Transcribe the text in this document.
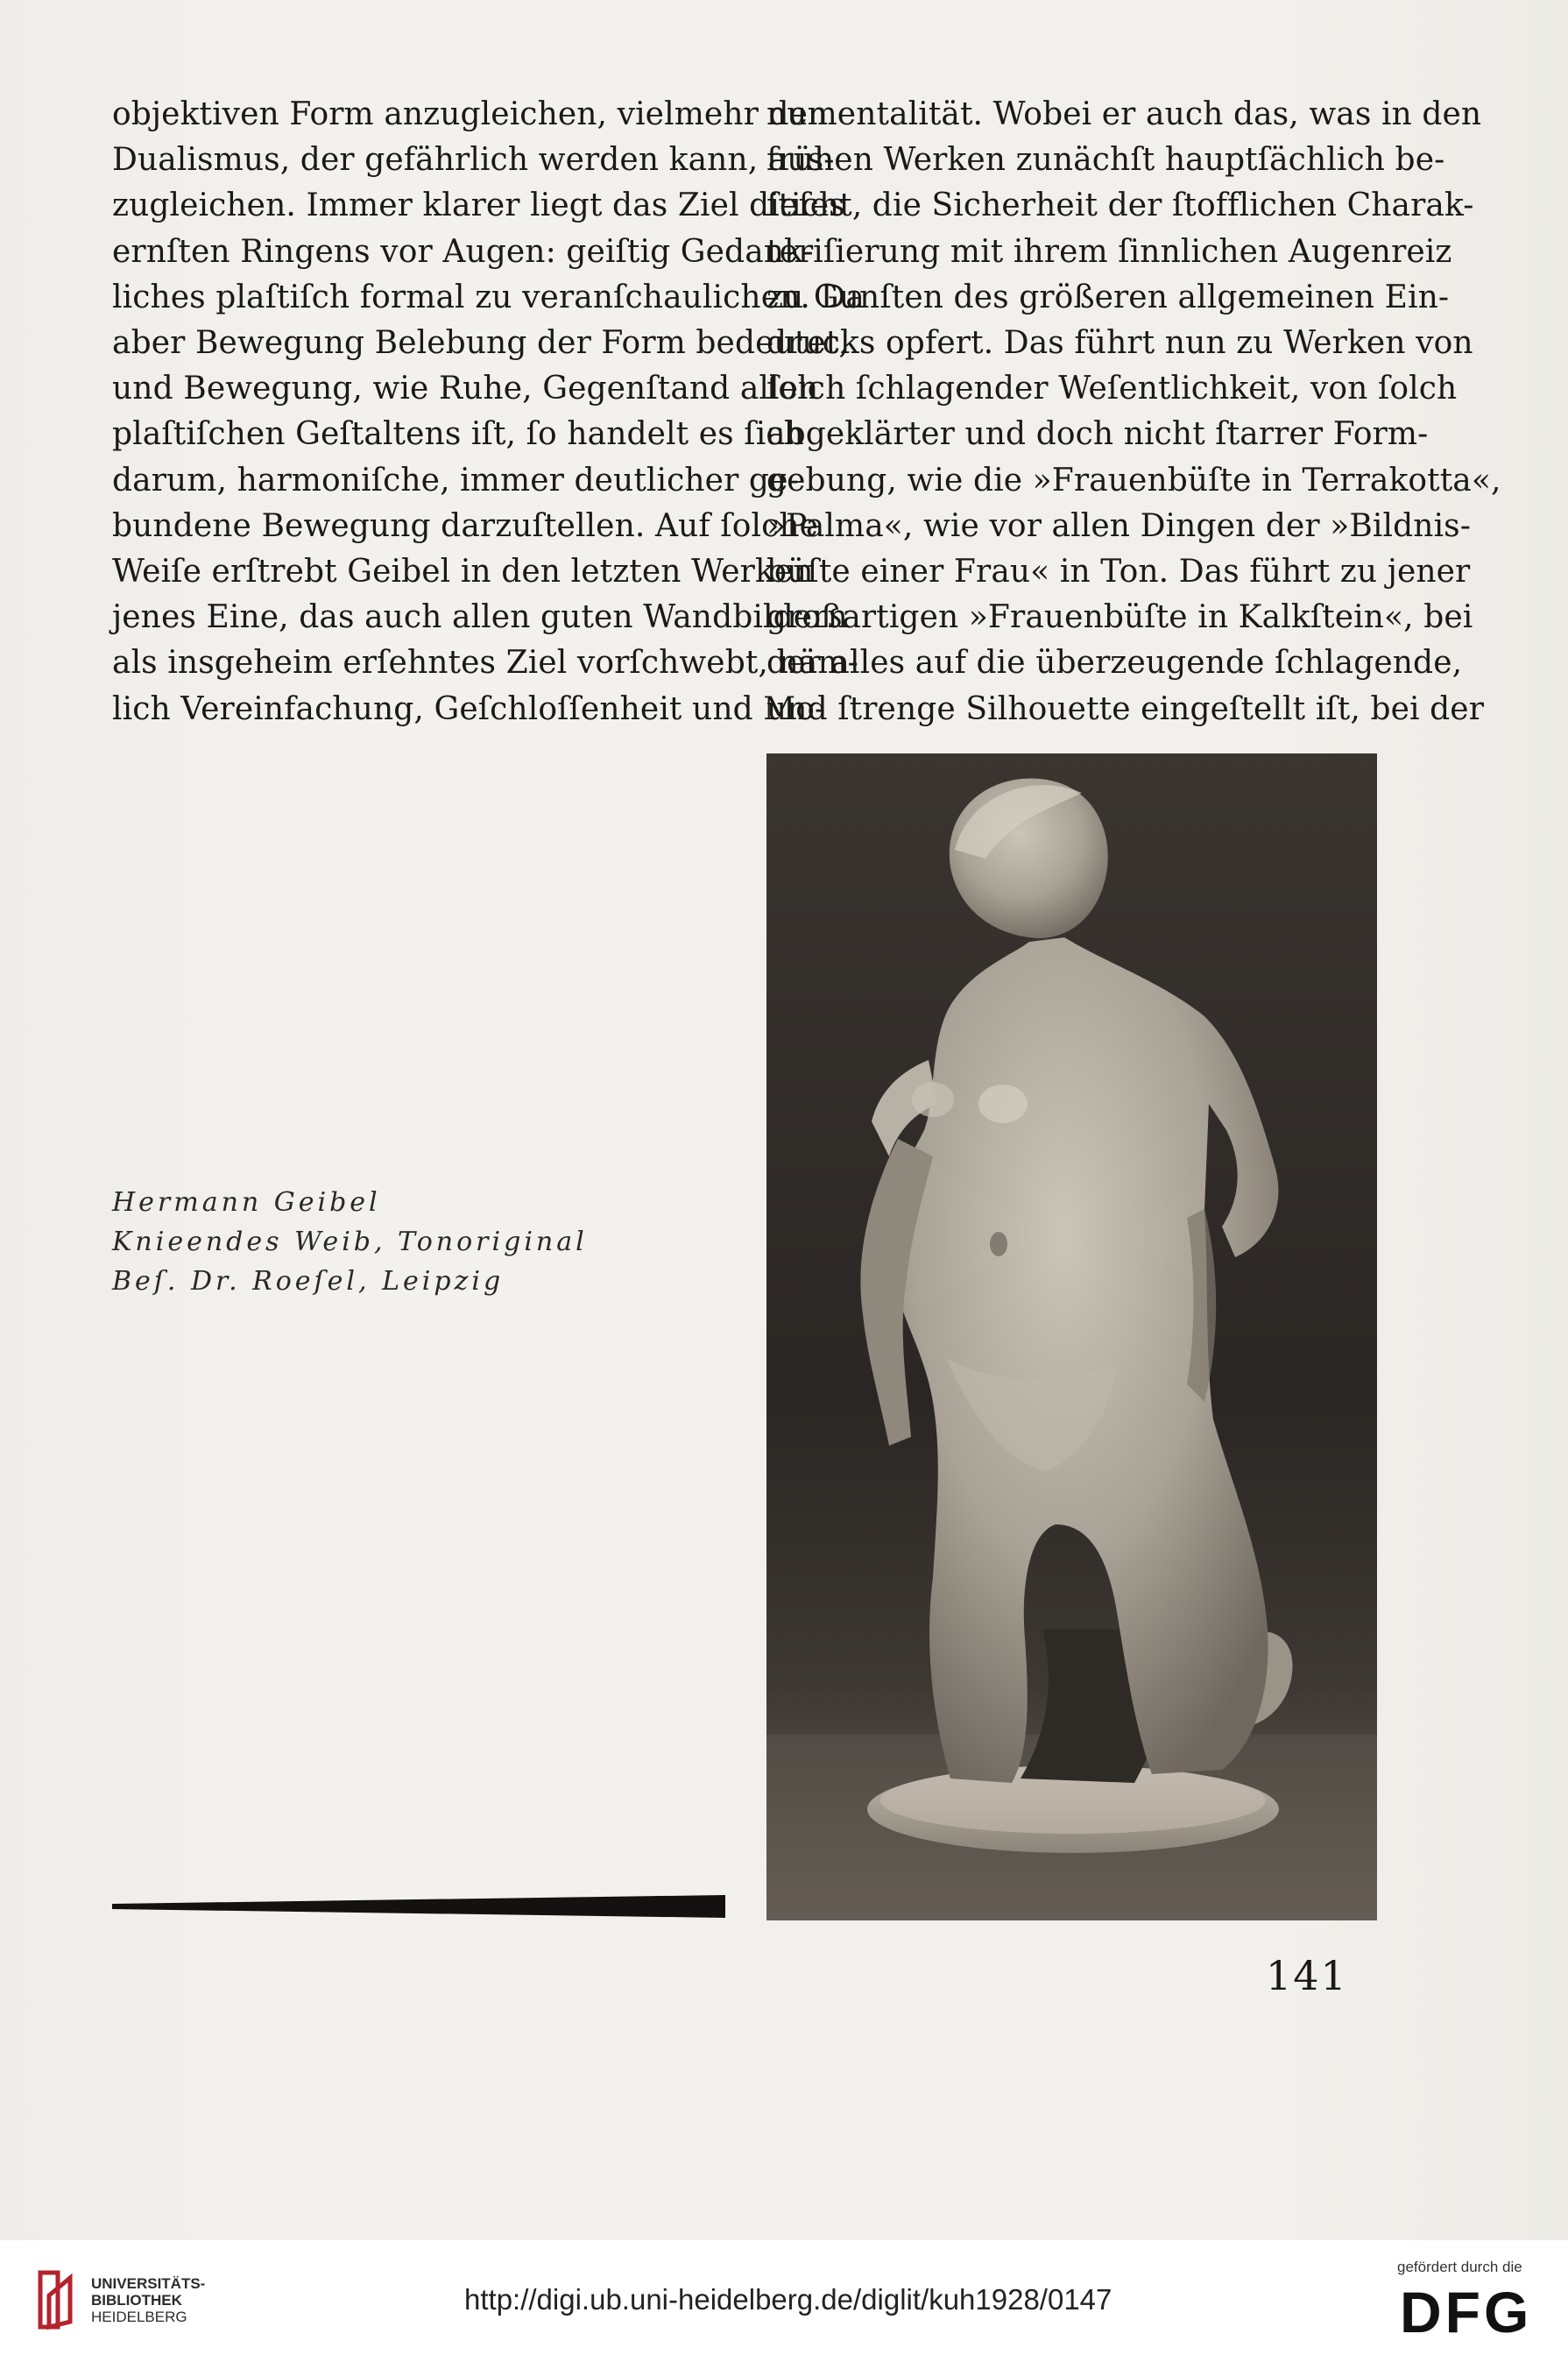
objektiven Form anzugleichen, vielmehr den
Dualismus, der gefährlich werden kann, aus-
zugleichen. Immer klarer liegt das Ziel dieſes
ernſten Ringens vor Augen: geiſtig Gedank-
liches plaſtiſch formal zu veranſchaulichen. Da
aber Bewegung Belebung der Form bedeutet,
und Bewegung, wie Ruhe, Gegenſtand allen
plaſtiſchen Geſtaltens iſt, ſo handelt es ſich
darum, harmoniſche, immer deutlicher ge-
bundene Bewegung darzuſtellen. Auf ſolche
Weiſe erſtrebt Geibel in den letzten Werken
jenes Eine, das auch allen guten Wandbildern
als insgeheim erſehntes Ziel vorſchwebt, näm-
lich Vereinfachung, Geſchloſſenheit und Mo-
numentalität. Wobei er auch das, was in den
frühen Werken zunächſt hauptſächlich be-
ſticht, die Sicherheit der ſtofflichen Charak-
teriſierung mit ihrem ſinnlichen Augenreiz
zu Gunſten des größeren allgemeinen Ein-
drucks opfert. Das führt nun zu Werken von
ſolch ſchlagender Weſentlichkeit, von ſolch
abgeklärter und doch nicht ſtarrer Form-
gebung, wie die »Frauenbüſte in Terrakotta«,
»Palma«, wie vor allen Dingen der »Bildnis-
büſte einer Frau« in Ton. Das führt zu jener
großartigen »Frauenbüſte in Kalkſtein«, bei
der alles auf die überzeugende ſchlagende,
und ſtrenge Silhouette eingeſtellt iſt, bei der
Hermann Geibel
Knieendes Weib, Tonoriginal
Beſ. Dr. Roeſel, Leipzig
141
UNIVERSITÄTS-
BIBLIOTHEK
HEIDELBERG
http://digi.ub.uni-heidelberg.de/diglit/kuh1928/0147
gefördert durch die
DFG
